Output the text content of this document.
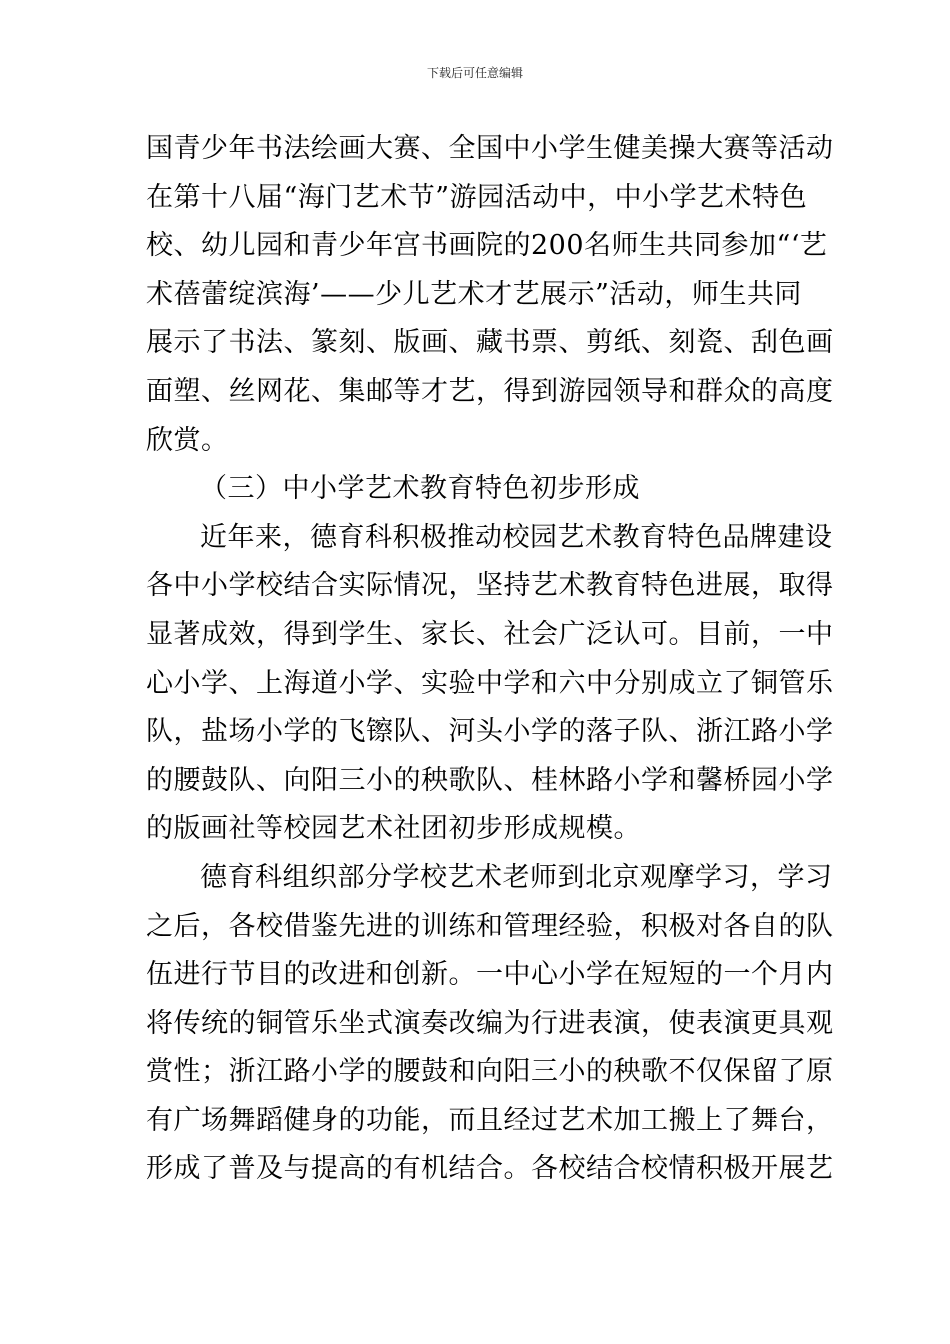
下载后可任意编辑
国青少年书法绘画大赛、全国中小学生健美操大赛等活动
在第十八届“海门艺术节”游园活动中，中小学艺术特色
校、幼儿园和青少年宫书画院的200名师生共同参加“‘艺
术蓓蕾绽滨海’——少儿艺术才艺展示”活动，师生共同
展示了书法、篆刻、版画、藏书票、剪纸、刻瓷、刮色画
面塑、丝网花、集邮等才艺，得到游园领导和群众的高度
欣赏。
（三）中小学艺术教育特色初步形成
近年来，德育科积极推动校园艺术教育特色品牌建设
各中小学校结合实际情况，坚持艺术教育特色进展，取得
显著成效，得到学生、家长、社会广泛认可。目前，一中
心小学、上海道小学、实验中学和六中分别成立了铜管乐
队，盐场小学的飞镲队、河头小学的落子队、浙江路小学
的腰鼓队、向阳三小的秧歌队、桂林路小学和馨桥园小学
的版画社等校园艺术社团初步形成规模。
德育科组织部分学校艺术老师到北京观摩学习，学习
之后，各校借鉴先进的训练和管理经验，积极对各自的队
伍进行节目的改进和创新。一中心小学在短短的一个月内
将传统的铜管乐坐式演奏改编为行进表演，使表演更具观
赏性；浙江路小学的腰鼓和向阳三小的秧歌不仅保留了原
有广场舞蹈健身的功能，而且经过艺术加工搬上了舞台，
形成了普及与提高的有机结合。各校结合校情积极开展艺
